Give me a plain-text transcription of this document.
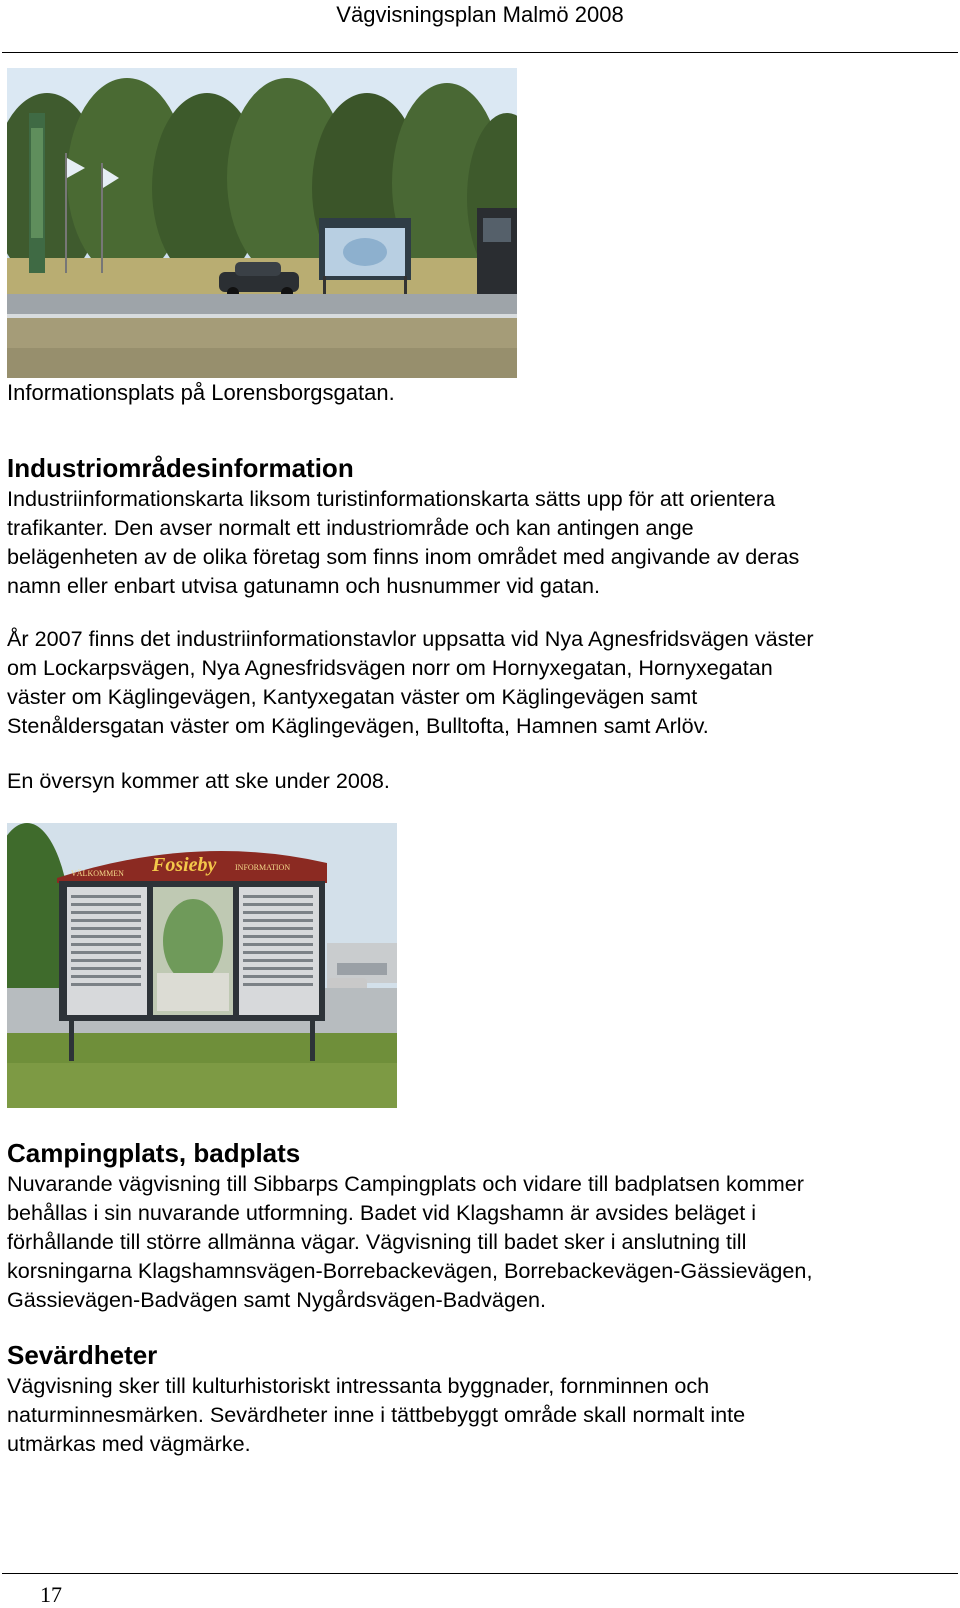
Vägvisningsplan Malmö 2008
Informationsplats på Lorensborgsgatan.
Industriområdesinformation

Industriinformationskarta liksom turistinformationskarta sätts upp för att orientera
trafikanter. Den avser normalt ett industriområde och kan antingen ange
belägenheten av de olika företag som finns inom området med angivande av deras
namn eller enbart utvisa gatunamn och husnummer vid gatan.

År 2007 finns det industriinformationstavlor uppsatta vid Nya Agnesfridsvägen väster
om Lockarpsvägen, Nya Agnesfridsvägen norr om Hornyxegatan, Hornyxegatan
väster om Käglingevägen, Kantyxegatan väster om Käglingevägen samt
Stenåldersgatan väster om Käglingevägen, Bulltofta, Hamnen samt Arlöv.

En översyn kommer att ske under 2008.

VÄLKOMMEN Fosieby INFORMATION
Campingplats, badplats

Nuvarande vägvisning till Sibbarps Campingplats och vidare till badplatsen kommer
behållas i sin nuvarande utformning. Badet vid Klagshamn är avsides beläget i
förhållande till större allmänna vägar. Vägvisning till badet sker i anslutning till
korsningarna Klagshamnsvägen-Borrebackevägen, Borrebackevägen-Gässievägen,
Gässievägen-Badvägen samt Nygårdsvägen-Badvägen.

Sevärdheter

Vägvisning sker till kulturhistoriskt intressanta byggnader, fornminnen och
naturminnesmärken. Sevärdheter inne i tättbebyggt område skall normalt inte
utmärkas med vägmärke.

17
